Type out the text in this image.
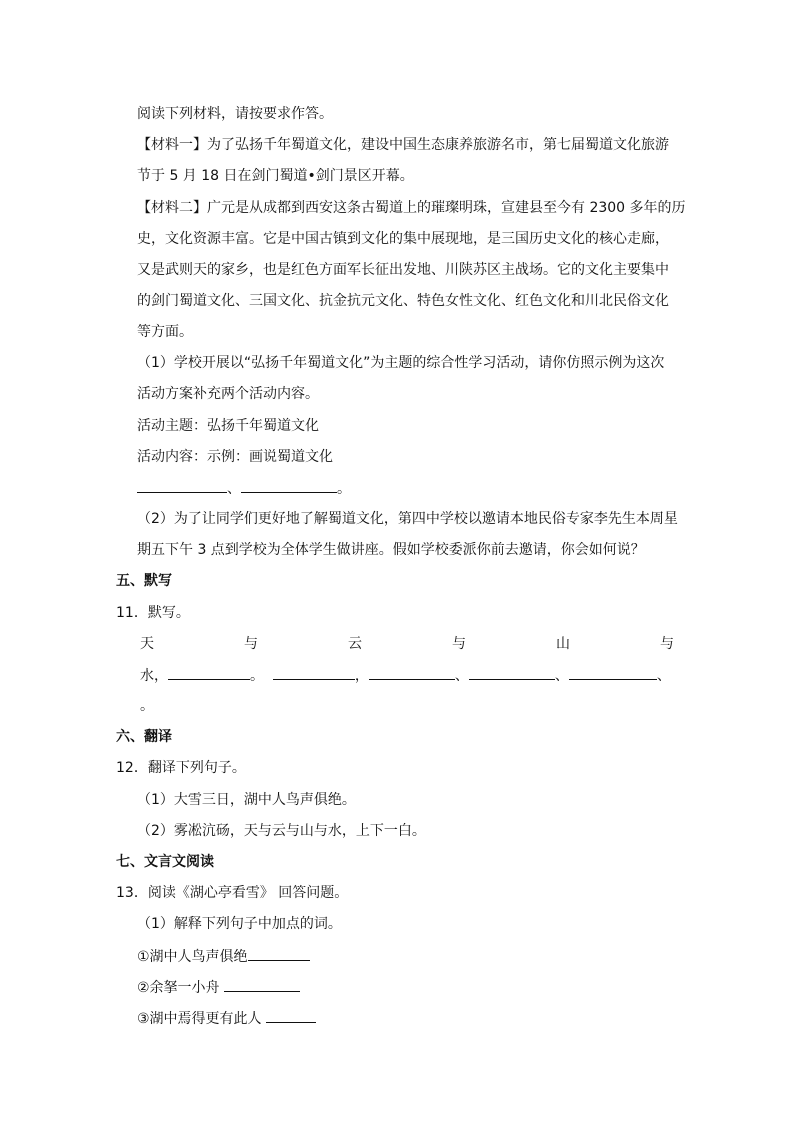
阅读下列材料，请按要求作答。
【材料一】为了弘扬千年蜀道文化，建设中国生态康养旅游名市，第七届蜀道文化旅游
节于 5 月 18 日在剑门蜀道•剑门景区开幕。
【材料二】广元是从成都到西安这条古蜀道上的璀璨明珠，宣建县至今有 2300 多年的历
史，文化资源丰富。它是中国古镇到文化的集中展现地，是三国历史文化的核心走廊，
又是武则天的家乡，也是红色方面军长征出发地、川陕苏区主战场。它的文化主要集中
的剑门蜀道文化、三国文化、抗金抗元文化、特色女性文化、红色文化和川北民俗文化
等方面。
（1）学校开展以“弘扬千年蜀道文化”为主题的综合性学习活动，请你仿照示例为这次
活动方案补充两个活动内容。
活动主题：弘扬千年蜀道文化
活动内容：示例：画说蜀道文化
、	。
（2）为了让同学们更好地了解蜀道文化，第四中学校以邀请本地民俗专家李先生本周星
期五下午 3 点到学校为全体学生做讲座。假如学校委派你前去邀请，你会如何说？
五、默写
11．默写。
天	与	云	与	山	与
水，	。	，	、	、	、
。
六、翻译
12．翻译下列句子。
（1）大雪三日，湖中人鸟声俱绝。
（2）雾凇沆砀，天与云与山与水，上下一白。
七、文言文阅读
13．阅读《湖心亭看雪》 回答问题。
（1）解释下列句子中加点的词。
①湖中人鸟声俱绝
②余拏一小舟
③湖中焉得更有此人
